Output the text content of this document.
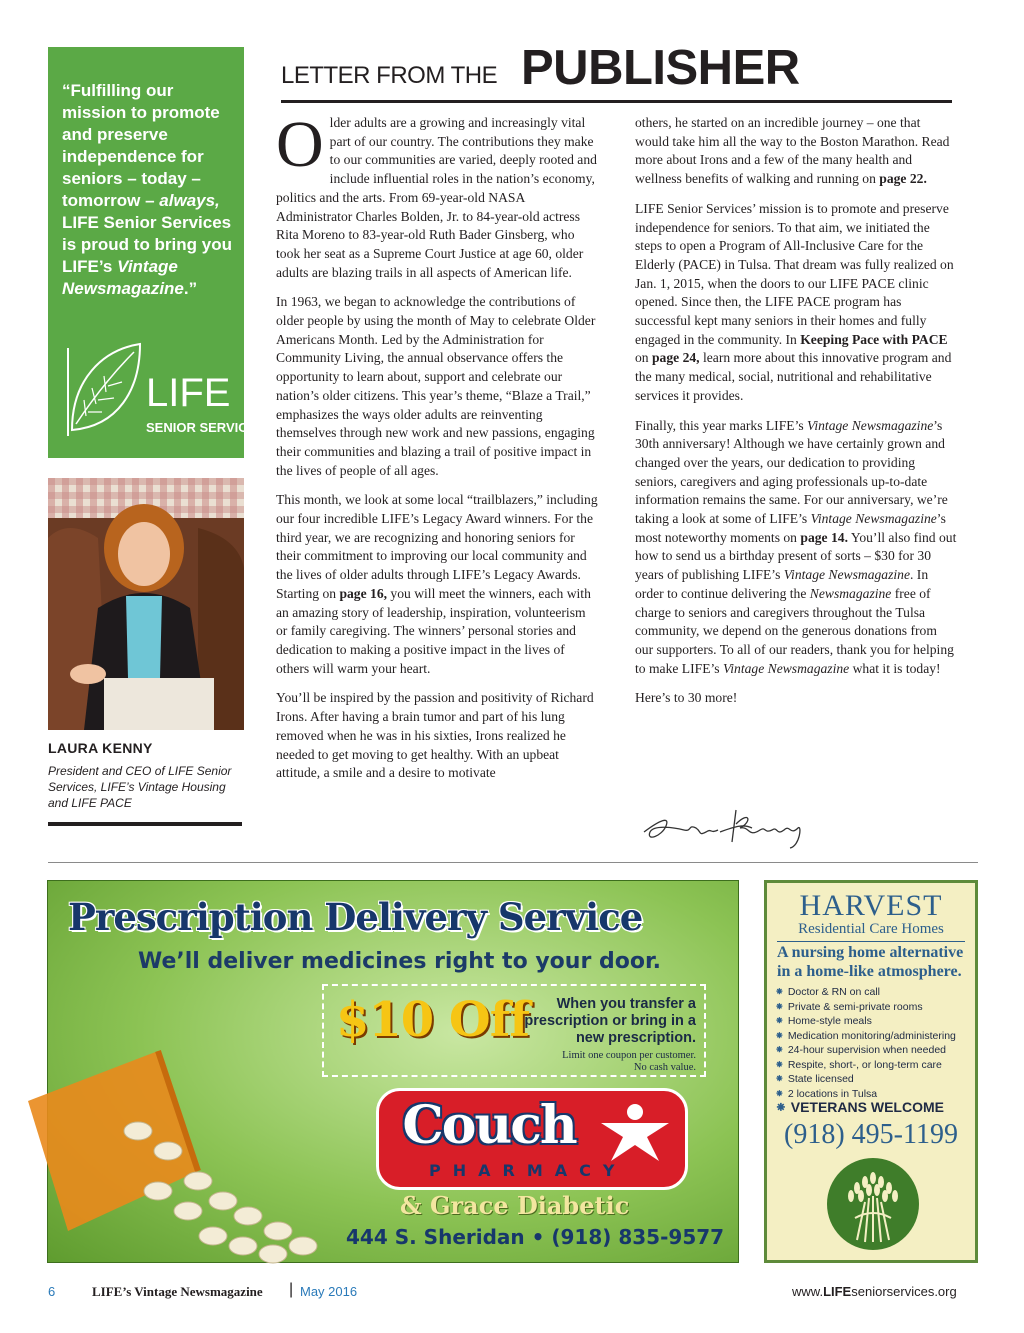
“Fulfilling our mission to promote and preserve independence for seniors – today – tomorrow – always, LIFE Senior Services is proud to bring you LIFE’s Vintage Newsmagazine.”
LIFE
SENIOR SERVICES
LAURA KENNY
President and CEO of LIFE Senior Services, LIFE’s Vintage Housing and LIFE PACE
LETTER FROM THE PUBLISHER

Older adults are a growing and increasingly vital part of our country. The contributions they make to our communities are varied, deeply rooted and include influential roles in the nation’s economy, politics and the arts. From 69-year-old NASA Administrator Charles Bolden, Jr. to 84-year-old actress Rita Moreno to 83-year-old Ruth Bader Ginsberg, who took her seat as a Supreme Court Justice at age 60, older adults are blazing trails in all aspects of American life.

In 1963, we began to acknowledge the contributions of older people by using the month of May to celebrate Older Americans Month. Led by the Administration for Community Living, the annual observance offers the opportunity to learn about, support and celebrate our nation’s older citizens. This year’s theme, “Blaze a Trail,” emphasizes the ways older adults are reinventing themselves through new work and new passions, engaging their communities and blazing a trail of positive impact in the lives of people of all ages.

This month, we look at some local “trailblazers,” including our four incredible LIFE’s Legacy Award winners. For the third year, we are recognizing and honoring seniors for their commitment to improving our local community and the lives of older adults through LIFE’s Legacy Awards. Starting on page 16, you will meet the winners, each with an amazing story of leadership, inspiration, volunteerism or family caregiving. The winners’ personal stories and dedication to making a positive impact in the lives of others will warm your heart.

You’ll be inspired by the passion and positivity of Richard Irons. After having a brain tumor and part of his lung removed when he was in his sixties, Irons realized he needed to get moving to get healthy. With an upbeat attitude, a smile and a desire to motivate

others, he started on an incredible journey – one that would take him all the way to the Boston Marathon. Read more about Irons and a few of the many health and wellness benefits of walking and running on page 22.

LIFE Senior Services’ mission is to promote and preserve independence for seniors. To that aim, we initiated the steps to open a Program of All-Inclusive Care for the Elderly (PACE) in Tulsa. That dream was fully realized on Jan. 1, 2015, when the doors to our LIFE PACE clinic opened. Since then, the LIFE PACE program has successful kept many seniors in their homes and fully engaged in the community. In Keeping Pace with PACE on page 24, learn more about this innovative program and the many medical, social, nutritional and rehabilitative services it provides.

Finally, this year marks LIFE’s Vintage Newsmagazine’s 30th anniversary! Although we have certainly grown and changed over the years, our dedication to providing seniors, caregivers and aging professionals up-to-date information remains the same. For our anniversary, we’re taking a look at some of LIFE’s Vintage Newsmagazine’s most noteworthy moments on page 14. You’ll also find out how to send us a birthday present of sorts – $30 for 30 years of publishing LIFE’s Vintage Newsmagazine. In order to continue delivering the Newsmagazine free of charge to seniors and caregivers throughout the Tulsa community, we depend on the generous donations from our supporters. To all of our readers, thank you for helping to make LIFE’s Vintage Newsmagazine what it is today!

Here’s to 30 more!

Prescription Delivery Service
We’ll deliver medicines right to your door.
$10 Off	When you transfer a prescription or bring in a new prescription.
Limit one coupon per customer.
No cash value.
Couch
PHARMACY
& Grace Diabetic
444 S. Sheridan • (918) 835-9577
HARVEST
Residential Care Homes
A nursing home alternative in a home-like atmosphere.
⁕ Doctor & RN on call
⁕ Private & semi-private rooms
⁕ Home-style meals
⁕ Medication monitoring/administering
⁕ 24-hour supervision when needed
⁕ Respite, short-, or long-term care
⁕ State licensed
⁕ 2 locations in Tulsa
⁕ VETERANS WELCOME
(918) 495-1199
6	LIFE’s Vintage Newsmagazine | May 2016	www.LIFEseniorservices.org
